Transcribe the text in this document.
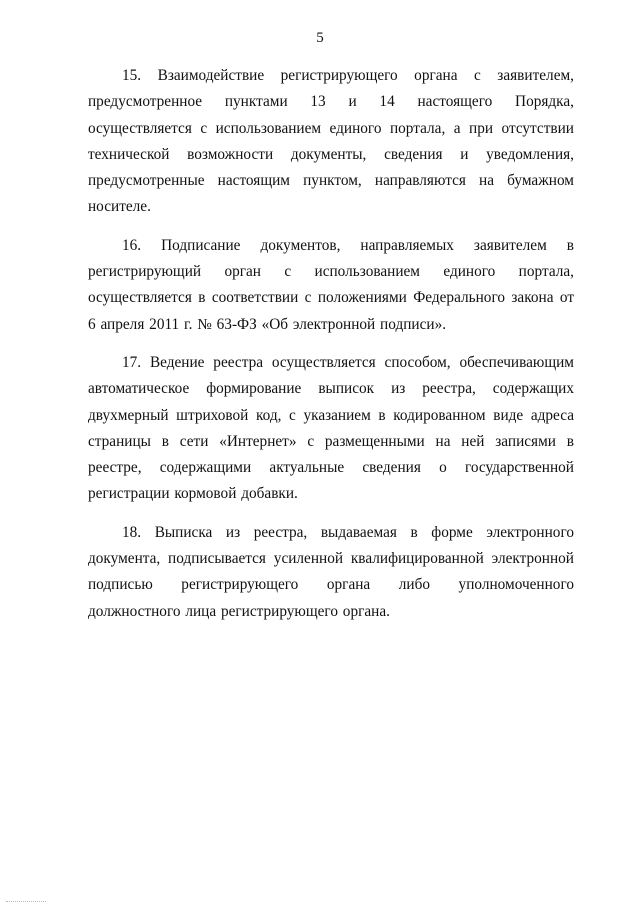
5

15. Взаимодействие регистрирующего органа с заявителем, предусмотренное пунктами 13 и 14 настоящего Порядка, осуществляется с использованием единого портала, а при отсутствии технической возможности документы, сведения и уведомления, предусмотренные настоящим пунктом, направляются на бумажном носителе.

16. Подписание документов, направляемых заявителем в регистрирующий орган с использованием единого портала, осуществляется в соответствии с положениями Федерального закона от 6 апреля 2011 г. № 63-ФЗ «Об электронной подписи».

17. Ведение реестра осуществляется способом, обеспечивающим автоматическое формирование выписок из реестра, содержащих двухмерный штриховой код, с указанием в кодированном виде адреса страницы в сети «Интернет» с размещенными на ней записями в реестре, содержащими актуальные сведения о государственной регистрации кормовой добавки.

18. Выписка из реестра, выдаваемая в форме электронного документа, подписывается усиленной квалифицированной электронной подписью регистрирующего органа либо уполномоченного должностного лица регистрирующего органа.
